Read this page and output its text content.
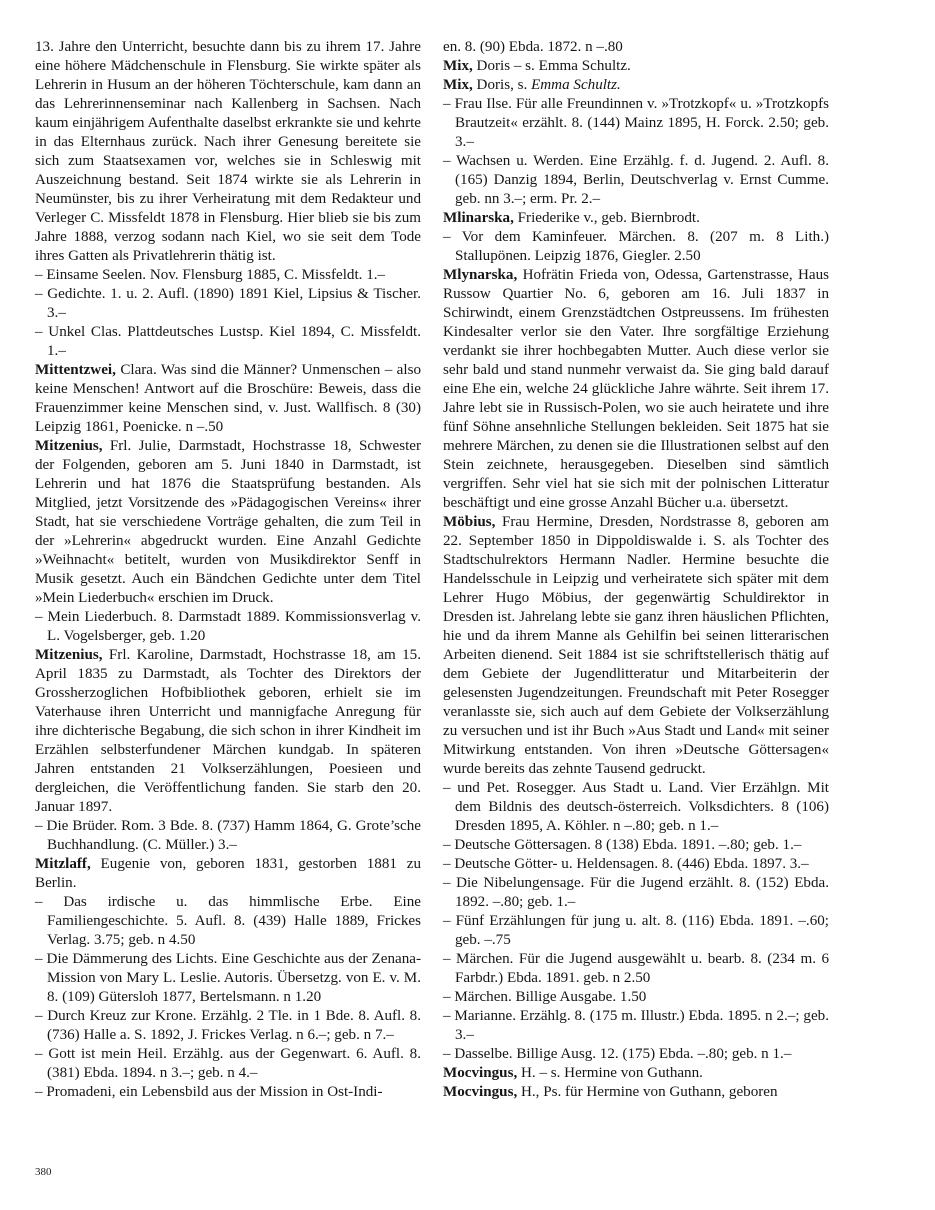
13. Jahre den Unterricht, besuchte dann bis zu ihrem 17. Jahre eine höhere Mädchenschule in Flensburg. Sie wirkte später als Lehrerin in Husum an der höheren Töchterschule, kam dann an das Lehrerinnenseminar nach Kallenberg in Sachsen. Nach kaum einjährigem Aufenthalte daselbst erkrankte sie und kehrte in das Elternhaus zurück. Nach ihrer Genesung bereitete sie sich zum Staatsexamen vor, welches sie in Schleswig mit Auszeichnung bestand. Seit 1874 wirkte sie als Lehrerin in Neumünster, bis zu ihrer Verheiratung mit dem Redakteur und Verleger C. Missfeldt 1878 in Flensburg. Hier blieb sie bis zum Jahre 1888, verzog sodann nach Kiel, wo sie seit dem Tode ihres Gatten als Privatlehrerin thätig ist.
– Einsame Seelen. Nov. Flensburg 1885, C. Missfeldt. 1.–
– Gedichte. 1. u. 2. Aufl. (1890) 1891 Kiel, Lipsius & Tischer. 3.–
– Unkel Clas. Plattdeutsches Lustsp. Kiel 1894, C. Missfeldt. 1.–
Mittentzwei, Clara. Was sind die Männer? Unmenschen – also keine Menschen! Antwort auf die Broschüre: Beweis, dass die Frauenzimmer keine Menschen sind, v. Just. Wallfisch. 8 (30) Leipzig 1861, Poenicke. n –.50
Mitzenius, Frl. Julie, Darmstadt, Hochstrasse 18, Schwester der Folgenden, geboren am 5. Juni 1840 in Darmstadt, ist Lehrerin und hat 1876 die Staatsprüfung bestanden. Als Mitglied, jetzt Vorsitzende des »Pädagogischen Vereins« ihrer Stadt, hat sie verschiedene Vorträge gehalten, die zum Teil in der »Lehrerin« abgedruckt wurden. Eine Anzahl Gedichte »Weihnacht« betitelt, wurden von Musikdirektor Senff in Musik gesetzt. Auch ein Bändchen Gedichte unter dem Titel »Mein Liederbuch« erschien im Druck.
– Mein Liederbuch. 8. Darmstadt 1889. Kommissionsverlag v. L. Vogelsberger, geb. 1.20
Mitzenius, Frl. Karoline, Darmstadt, Hochstrasse 18, am 15. April 1835 zu Darmstadt, als Tochter des Direktors der Grossherzoglichen Hofbibliothek geboren, erhielt sie im Vaterhause ihren Unterricht und mannigfache Anregung für ihre dichterische Begabung, die sich schon in ihrer Kindheit im Erzählen selbsterfundener Märchen kundgab. In späteren Jahren entstanden 21 Volkserzählungen, Poesieen und dergleichen, die Veröffentlichung fanden. Sie starb den 20. Januar 1897.
– Die Brüder. Rom. 3 Bde. 8. (737) Hamm 1864, G. Grote’sche Buchhandlung. (C. Müller.) 3.–
Mitzlaff, Eugenie von, geboren 1831, gestorben 1881 zu Berlin.
– Das irdische u. das himmlische Erbe. Eine Familiengeschichte. 5. Aufl. 8. (439) Halle 1889, Frickes Verlag. 3.75; geb. n 4.50
– Die Dämmerung des Lichts. Eine Geschichte aus der Zenana-Mission von Mary L. Leslie. Autoris. Übersetzg. von E. v. M. 8. (109) Gütersloh 1877, Bertelsmann. n 1.20
– Durch Kreuz zur Krone. Erzählg. 2 Tle. in 1 Bde. 8. Aufl. 8. (736) Halle a. S. 1892, J. Frickes Verlag. n 6.–; geb. n 7.–
– Gott ist mein Heil. Erzählg. aus der Gegenwart. 6. Aufl. 8. (381) Ebda. 1894. n 3.–; geb. n 4.–
– Promadeni, ein Lebensbild aus der Mission in Ost-Indi-
en. 8. (90) Ebda. 1872. n –.80
Mix, Doris – s. Emma Schultz.
Mix, Doris, s. Emma Schultz.
– Frau Ilse. Für alle Freundinnen v. »Trotzkopf« u. »Trotzkopfs Brautzeit« erzählt. 8. (144) Mainz 1895, H. Forck. 2.50; geb. 3.–
– Wachsen u. Werden. Eine Erzählg. f. d. Jugend. 2. Aufl. 8. (165) Danzig 1894, Berlin, Deutschverlag v. Ernst Cumme. geb. nn 3.–; erm. Pr. 2.–
Mlinarska, Friederike v., geb. Biernbrodt.
– Vor dem Kaminfeuer. Märchen. 8. (207 m. 8 Lith.) Stallupönen. Leipzig 1876, Giegler. 2.50
Mlynarska, Hofrätin Frieda von, Odessa, Gartenstrasse, Haus Russow Quartier No. 6, geboren am 16. Juli 1837 in Schirwindt, einem Grenzstädtchen Ostpreussens. Im frühesten Kindesalter verlor sie den Vater. Ihre sorgfältige Erziehung verdankt sie ihrer hochbegabten Mutter. Auch diese verlor sie sehr bald und stand nunmehr verwaist da. Sie ging bald darauf eine Ehe ein, welche 24 glückliche Jahre währte. Seit ihrem 17. Jahre lebt sie in Russisch-Polen, wo sie auch heiratete und ihre fünf Söhne ansehnliche Stellungen bekleiden. Seit 1875 hat sie mehrere Märchen, zu denen sie die Illustrationen selbst auf den Stein zeichnete, herausgegeben. Dieselben sind sämtlich vergriffen. Sehr viel hat sie sich mit der polnischen Litteratur beschäftigt und eine grosse Anzahl Bücher u.a. übersetzt.
Möbius, Frau Hermine, Dresden, Nordstrasse 8, geboren am 22. September 1850 in Dippoldiswalde i. S. als Tochter des Stadtschulrektors Hermann Nadler. Hermine besuchte die Handelsschule in Leipzig und verheiratete sich später mit dem Lehrer Hugo Möbius, der gegenwärtig Schuldirektor in Dresden ist. Jahrelang lebte sie ganz ihren häuslichen Pflichten, hie und da ihrem Manne als Gehilfin bei seinen litterarischen Arbeiten dienend. Seit 1884 ist sie schriftstellerisch thätig auf dem Gebiete der Jugendlitteratur und Mitarbeiterin der gelesensten Jugendzeitungen. Freundschaft mit Peter Rosegger veranlasste sie, sich auch auf dem Gebiete der Volkserzählung zu versuchen und ist ihr Buch »Aus Stadt und Land« mit seiner Mitwirkung entstanden. Von ihren »Deutsche Göttersagen« wurde bereits das zehnte Tausend gedruckt.
– und Pet. Rosegger. Aus Stadt u. Land. Vier Erzählgn. Mit dem Bildnis des deutsch-österreich. Volksdichters. 8 (106) Dresden 1895, A. Köhler. n –.80; geb. n 1.–
– Deutsche Göttersagen. 8 (138) Ebda. 1891. –.80; geb. 1.–
– Deutsche Götter- u. Heldensagen. 8. (446) Ebda. 1897. 3.–
– Die Nibelungensage. Für die Jugend erzählt. 8. (152) Ebda. 1892. –.80; geb. 1.–
– Fünf Erzählungen für jung u. alt. 8. (116) Ebda. 1891. –.60; geb. –.75
– Märchen. Für die Jugend ausgewählt u. bearb. 8. (234 m. 6 Farbdr.) Ebda. 1891. geb. n 2.50
– Märchen. Billige Ausgabe. 1.50
– Marianne. Erzählg. 8. (175 m. Illustr.) Ebda. 1895. n 2.–; geb. 3.–
– Dasselbe. Billige Ausg. 12. (175) Ebda. –.80; geb. n 1.–
Mocvingus, H. – s. Hermine von Guthann.
Mocvingus, H., Ps. für Hermine von Guthann, geboren
380
